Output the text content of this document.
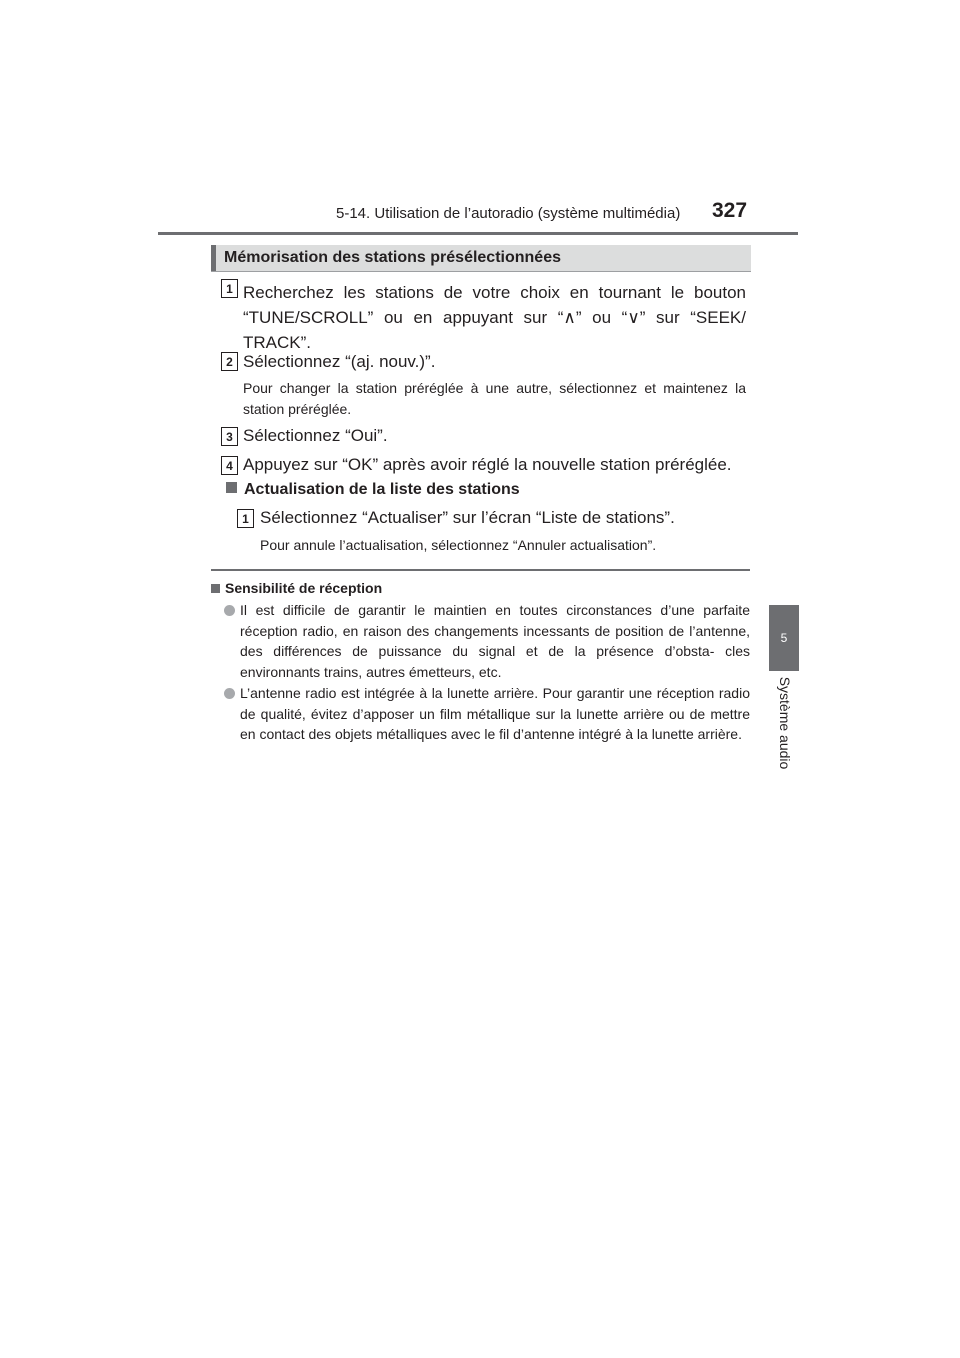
5-14. Utilisation de l’autoradio (système multimédia) 327
5
Système audio
Mémorisation des stations présélectionnées
1 Recherchez les stations de votre choix en tournant le bouton “TUNE/SCROLL” ou en appuyant sur “∧” ou “∨” sur “SEEK/ TRACK”.
2 Sélectionnez “(aj. nouv.)”.
Pour changer la station préréglée à une autre, sélectionnez et maintenez la station préréglée.
3 Sélectionnez “Oui”.
4 Appuyez sur “OK” après avoir réglé la nouvelle station préréglée.
Actualisation de la liste des stations
1 Sélectionnez “Actualiser” sur l’écran “Liste de stations”.
Pour annule l’actualisation, sélectionnez “Annuler actualisation”.
Sensibilité de réception
Il est difficile de garantir le maintien en toutes circonstances d’une parfaite réception radio, en raison des changements incessants de position de l’antenne, des différences de puissance du signal et de la présence d’obsta- cles environnants trains, autres émetteurs, etc.
L’antenne radio est intégrée à la lunette arrière. Pour garantir une réception radio de qualité, évitez d’apposer un film métallique sur la lunette arrière ou de mettre en contact des objets métalliques avec le fil d’antenne intégré à la lunette arrière.
